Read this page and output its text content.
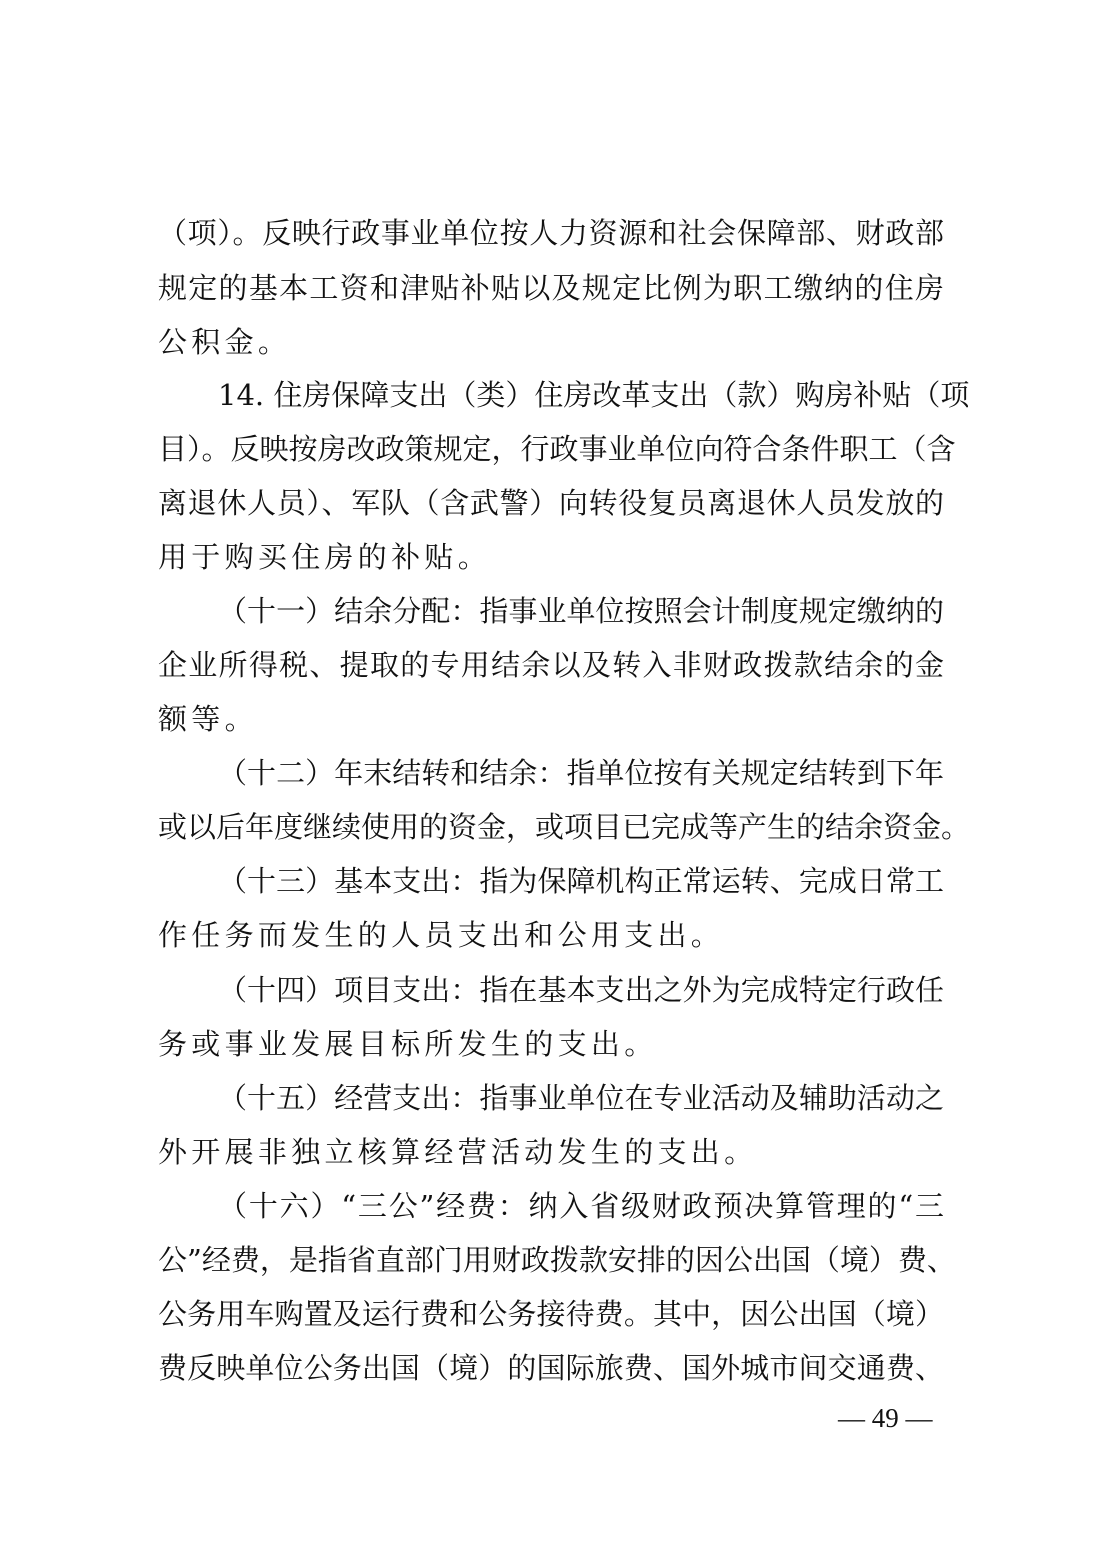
（项）。反映行政事业单位按人力资源和社会保障部、财政部
规定的基本工资和津贴补贴以及规定比例为职工缴纳的住房
公积金。
14. 住房保障支出（类）住房改革支出（款）购房补贴（项
目）。反映按房改政策规定，行政事业单位向符合条件职工（含
离退休人员）、军队（含武警）向转役复员离退休人员发放的
用于购买住房的补贴。
（十一）结余分配：指事业单位按照会计制度规定缴纳的
企业所得税、提取的专用结余以及转入非财政拨款结余的金
额等。
（十二）年末结转和结余：指单位按有关规定结转到下年
或以后年度继续使用的资金，或项目已完成等产生的结余资金。
（十三）基本支出：指为保障机构正常运转、完成日常工
作任务而发生的人员支出和公用支出。
（十四）项目支出：指在基本支出之外为完成特定行政任
务或事业发展目标所发生的支出。
（十五）经营支出：指事业单位在专业活动及辅助活动之
外开展非独立核算经营活动发生的支出。
（十六）“三公”经费：纳入省级财政预决算管理的“三
公”经费，是指省直部门用财政拨款安排的因公出国（境）费、
公务用车购置及运行费和公务接待费。其中，因公出国（境）
费反映单位公务出国（境）的国际旅费、国外城市间交通费、
— 49 —
